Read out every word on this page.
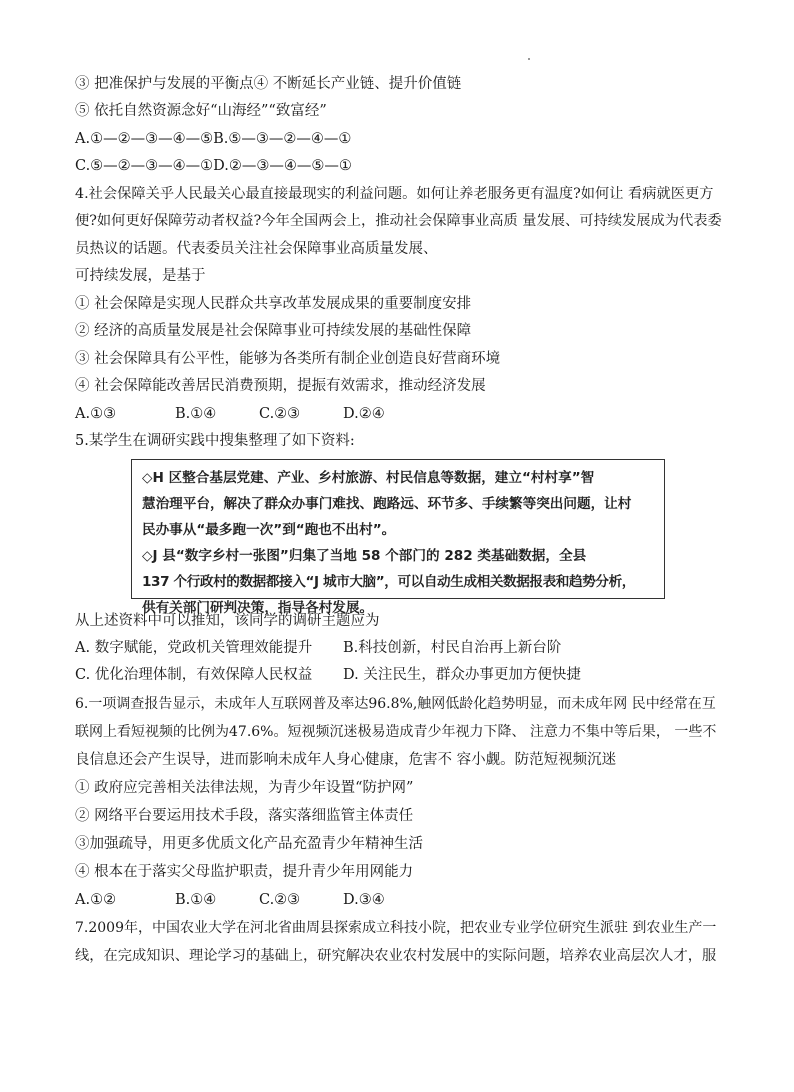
③ 把准保护与发展的平衡点④ 不断延长产业链、提升价值链
⑤ 依托自然资源念好“山海经”“致富经”
A.①—②—③—④—⑤B.⑤—③—②—④—①
C.⑤—②—③—④—①D.②—③—④—⑤—①
4.社会保障关乎人民最关心最直接最现实的利益问题。如何让养老服务更有温度?如何让 看病就医更方
便?如何更好保障劳动者权益?今年全国两会上，推动社会保障事业高质 量发展、可持续发展成为代表委
员热议的话题。代表委员关注社会保障事业高质量发展、
可持续发展，是基于
① 社会保障是实现人民群众共享改革发展成果的重要制度安排
② 经济的高质量发展是社会保障事业可持续发展的基础性保障
③ 社会保障具有公平性，能够为各类所有制企业创造良好营商环境
④ 社会保障能改善居民消费预期，提振有效需求，推动经济发展
A.①③	B.①④	C.②③	D.②④
5.某学生在调研实践中搜集整理了如下资料:
◇H 区整合基层党建、产业、乡村旅游、村民信息等数据，建立“村村享”智
慧治理平台，解决了群众办事门难找、跑路远、环节多、手续繁等突出问题，让村
民办事从“最多跑一次”到“跑也不出村”。
◇J 县“数字乡村一张图”归集了当地 58 个部门的 282 类基础数据，全县
137 个行政村的数据都接入“J 城市大脑”，可以自动生成相关数据报表和趋势分析，
供有关部门研判决策，指导各村发展。
从上述资料中可以推知，该同学的调研主题应为
A. 数字赋能，党政机关管理效能提升 B.科技创新，村民自治再上新台阶
C. 优化治理体制，有效保障人民权益 D. 关注民生，群众办事更加方便快捷
6.一项调查报告显示，未成年人互联网普及率达96.8%,触网低龄化趋势明显，而未成年网 民中经常在互
联网上看短视频的比例为47.6%。短视频沉迷极易造成青少年视力下降、 注意力不集中等后果， 一些不
良信息还会产生误导，进而影响未成年人身心健康，危害不 容小觑。防范短视频沉迷
① 政府应完善相关法律法规，为青少年设置“防护网”
② 网络平台要运用技术手段，落实落细监管主体责任
③加强疏导，用更多优质文化产品充盈青少年精神生活
④ 根本在于落实父母监护职责，提升青少年用网能力
A.①②	B.①④	C.②③	D.③④
7.2009年，中国农业大学在河北省曲周县探索成立科技小院，把农业专业学位研究生派驻 到农业生产一
线，在完成知识、理论学习的基础上，研究解决农业农村发展中的实际问题，培养农业高层次人才，服
